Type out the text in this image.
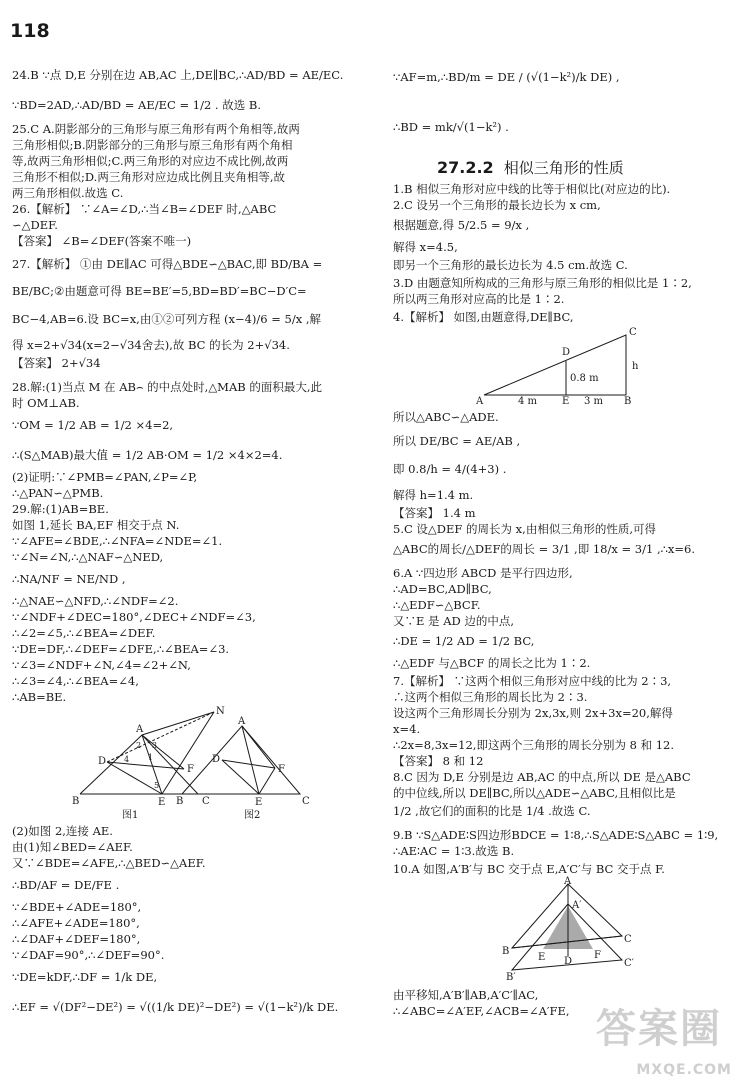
118
24.B ∵点 D,E 分别在边 AB,AC 上,DE∥BC,∴AD/BD = AE/EC.
∵BD=2AD,∴AD/BD = AE/EC = 1/2 . 故选 B.
25.C A.阴影部分的三角形与原三角形有两个角相等,故两
三角形相似;B.阴影部分的三角形与原三角形有两个角相
等,故两三角形相似;C.两三角形的对应边不成比例,故两
三角形不相似;D.两三角形对应边成比例且夹角相等,故
两三角形相似.故选 C.
26.【解析】 ∵∠A=∠D,∴当∠B=∠DEF 时,△ABC
∽△DEF.
【答案】 ∠B=∠DEF(答案不唯一)
27.【解析】 ①由 DE∥AC 可得△BDE∽△BAC,即 BD/BA =
BE/BC;②由题意可得 BE=BE′=5,BD=BD′=BC−D′C=
BC−4,AB=6.设 BC=x,由①②可列方程 (x−4)/6 = 5/x ,解
得 x=2+√34(x=2−√34舍去),故 BC 的长为 2+√34.
【答案】 2+√34
28.解:(1)当点 M 在 AB⌢ 的中点处时,△MAB 的面积最大,此
时 OM⊥AB.
∵OM = 1/2 AB = 1/2 ×4=2,
∴(S△MAB)最大值 = 1/2 AB·OM = 1/2 ×4×2=4.
(2)证明:∵∠PMB=∠PAN,∠P=∠P,
∴△PAN∽△PMB.
29.解:(1)AB=BE.
如图 1,延长 BA,EF 相交于点 N.
∵∠AFE=∠BDE,∴∠NFA=∠NDE=∠1.
∵∠N=∠N,∴△NAF∽△NED,
∴NA/NF = NE/ND ,
∴△NAE∽△NFD,∴∠NDF=∠2.
∵∠NDF+∠DEC=180°,∠DEC+∠NDF=∠3,
∴∠2=∠5,∴∠BEA=∠DEF.
∵DE=DF,∴∠DEF=∠DFE,∴∠BEA=∠3.
∵∠3=∠NDF+∠N,∠4=∠2+∠N,
∴∠3=∠4,∴∠BEA=∠4,
∴AB=BE.
B	C
A
D
E
F
N
图1
B	C
A
D
E
F
图2
1
2 3
4
5
(2)如图 2,连接 AE.
由(1)知∠BED=∠AEF.
又∵∠BDE=∠AFE,∴△BED∽△AEF.
∴BD/AF = DE/FE .
∵∠BDE+∠ADE=180°,
∴∠AFE+∠ADE=180°,
∴∠DAF+∠DEF=180°,
∵∠DAF=90°,∴∠DEF=90°.
∵DE=kDF,∴DF = 1/k DE,
∴EF = √(DF²−DE²) = √((1/k DE)²−DE²) = √(1−k²)/k DE.
∵AF=m,∴BD/m = DE / (√(1−k²)/k DE) ,
∴BD = mk/√(1−k²) .
1.B 相似三角形对应中线的比等于相似比(对应边的比).
2.C 设另一个三角形的最长边长为 x cm,
根据题意,得 5/2.5 = 9/x ,
解得 x=4.5,
即另一个三角形的最长边长为 4.5 cm.故选 C.
3.D 由题意知所构成的三角形与原三角形的相似比是 1∶2,
所以两三角形对应高的比是 1∶2.
4.【解析】 如图,由题意得,DE∥BC,
27.2.2 相似三角形的性质
A
D
C
E	B
h
0.8 m
4 m	3 m
所以△ABC∽△ADE.
所以 DE/BC = AE/AB ,
即 0.8/h = 4/(4+3) .
解得 h=1.4 m.
【答案】 1.4 m
5.C 设△DEF 的周长为 x,由相似三角形的性质,可得
△ABC的周长/△DEF的周长 = 3/1 ,即 18/x = 3/1 ,∴x=6.
6.A ∵四边形 ABCD 是平行四边形,
∴AD=BC,AD∥BC,
∴△EDF∽△BCF.
又∵E 是 AD 边的中点,
∴DE = 1/2 AD = 1/2 BC,
∴△EDF 与△BCF 的周长之比为 1∶2.
7.【解析】 ∵这两个相似三角形对应中线的比为 2∶3,
∴这两个相似三角形的周长比为 2∶3.
设这两个三角形周长分别为 2x,3x,则 2x+3x=20,解得
x=4.
∴2x=8,3x=12,即这两个三角形的周长分别为 8 和 12.
【答案】 8 和 12
8.C 因为 D,E 分别是边 AB,AC 的中点,所以 DE 是△ABC
的中位线,所以 DE∥BC,所以△ADE∽△ABC,且相似比是
1/2 ,故它们的面积的比是 1/4 .故选 C.
9.B ∵S△ADE∶S四边形BDCE = 1∶8,∴S△ADE∶S△ABC = 1∶9,
∴AE∶AC = 1∶3.故选 B.
10.A 如图,A′B′与 BC 交于点 E,A′C′与 BC 交于点 F.
由平移知,A′B′∥AB,A′C′∥AC,
∴∠ABC=∠A′EF,∠ACB=∠A′FE,
A
A′
B
B′
C
C′
D
E	F
答案圈
MXQE.COM
